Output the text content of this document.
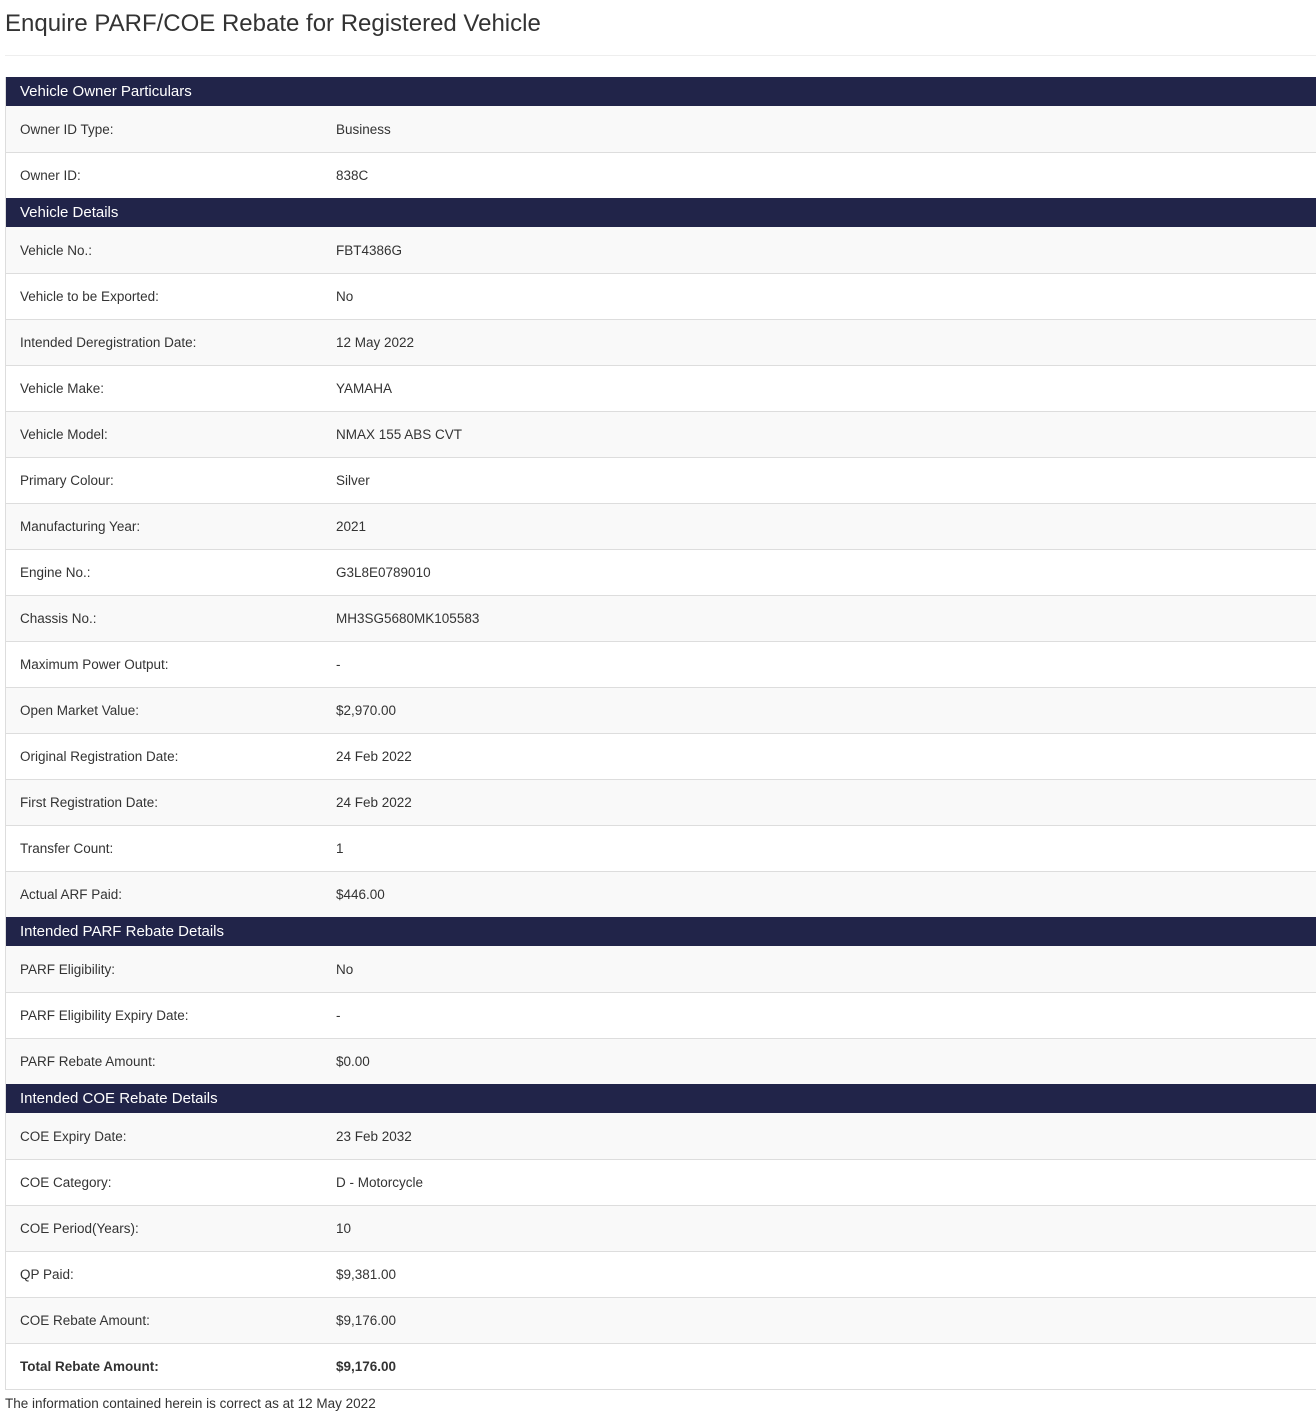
Enquire PARF/COE Rebate for Registered Vehicle
Vehicle Owner Particulars
Owner ID Type:	Business
Owner ID:	838C
Vehicle Details
Vehicle No.:	FBT4386G
Vehicle to be Exported:	No
Intended Deregistration Date:	12 May 2022
Vehicle Make:	YAMAHA
Vehicle Model:	NMAX 155 ABS CVT
Primary Colour:	Silver
Manufacturing Year:	2021
Engine No.:	G3L8E0789010
Chassis No.:	MH3SG5680MK105583
Maximum Power Output:	-
Open Market Value:	$2,970.00
Original Registration Date:	24 Feb 2022
First Registration Date:	24 Feb 2022
Transfer Count:	1
Actual ARF Paid:	$446.00
Intended PARF Rebate Details
PARF Eligibility:	No
PARF Eligibility Expiry Date:	-
PARF Rebate Amount:	$0.00
Intended COE Rebate Details
COE Expiry Date:	23 Feb 2032
COE Category:	D - Motorcycle
COE Period(Years):	10
QP Paid:	$9,381.00
COE Rebate Amount:	$9,176.00
Total Rebate Amount:	$9,176.00
The information contained herein is correct as at 12 May 2022
